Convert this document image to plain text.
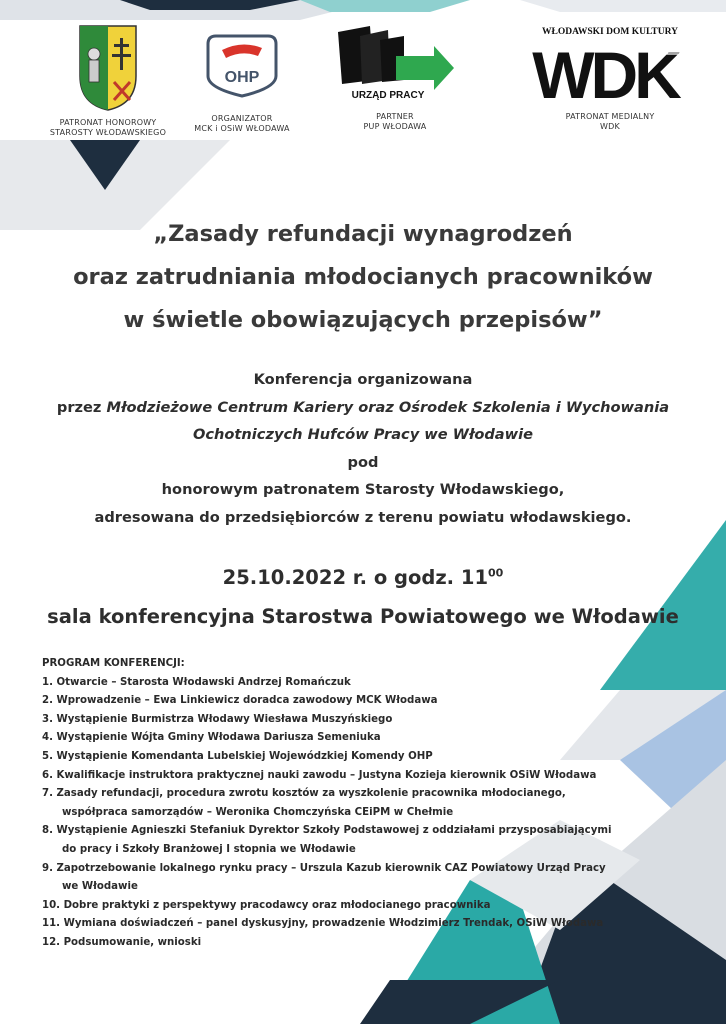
PATRONAT HONOROWY
STAROSTY WŁODAWSKIEGO
OHP
ORGANIZATOR
MCK i OSiW WŁODAWA
URZĄD PRACY
PARTNER
PUP WŁODAWA
WŁODAWSKI DOM KULTURY
WDK
PATRONAT MEDIALNY
WDK
„Zasady refundacji wynagrodzeń
oraz zatrudniania młodocianych pracowników
w świetle obowiązujących przepisów”
Konferencja organizowana
przez Młodzieżowe Centrum Kariery oraz Ośrodek Szkolenia i Wychowania
Ochotniczych Hufców Pracy we Włodawie
pod
honorowym patronatem Starosty Włodawskiego,
adresowana do przedsiębiorców z terenu powiatu włodawskiego.
25.10.2022 r. o godz. $11^{00}$
sala konferencyjna Starostwa Powiatowego we Włodawie
PROGRAM KONFERENCJI:
1. Otwarcie – Starosta Włodawski Andrzej Romańczuk
2. Wprowadzenie – Ewa Linkiewicz doradca zawodowy MCK Włodawa
3. Wystąpienie Burmistrza Włodawy Wiesława Muszyńskiego
4. Wystąpienie Wójta Gminy Włodawa Dariusza Semeniuka
5. Wystąpienie Komendanta Lubelskiej Wojewódzkiej Komendy OHP
6. Kwalifikacje instruktora praktycznej nauki zawodu – Justyna Kozieja kierownik OSiW Włodawa
7. Zasady refundacji, procedura zwrotu kosztów za wyszkolenie pracownika młodocianego,
współpraca samorządów – Weronika Chomczyńska CEiPM w Chełmie
8. Wystąpienie Agnieszki Stefaniuk Dyrektor Szkoły Podstawowej z oddziałami przysposabiającymi
do pracy i Szkoły Branżowej I stopnia we Włodawie
9. Zapotrzebowanie lokalnego rynku pracy – Urszula Kazub kierownik CAZ Powiatowy Urząd Pracy
we Włodawie
10. Dobre praktyki z perspektywy pracodawcy oraz młodocianego pracownika
11. Wymiana doświadczeń – panel dyskusyjny, prowadzenie Włodzimierz Trendak, OSiW Włodawa
12. Podsumowanie, wnioski
